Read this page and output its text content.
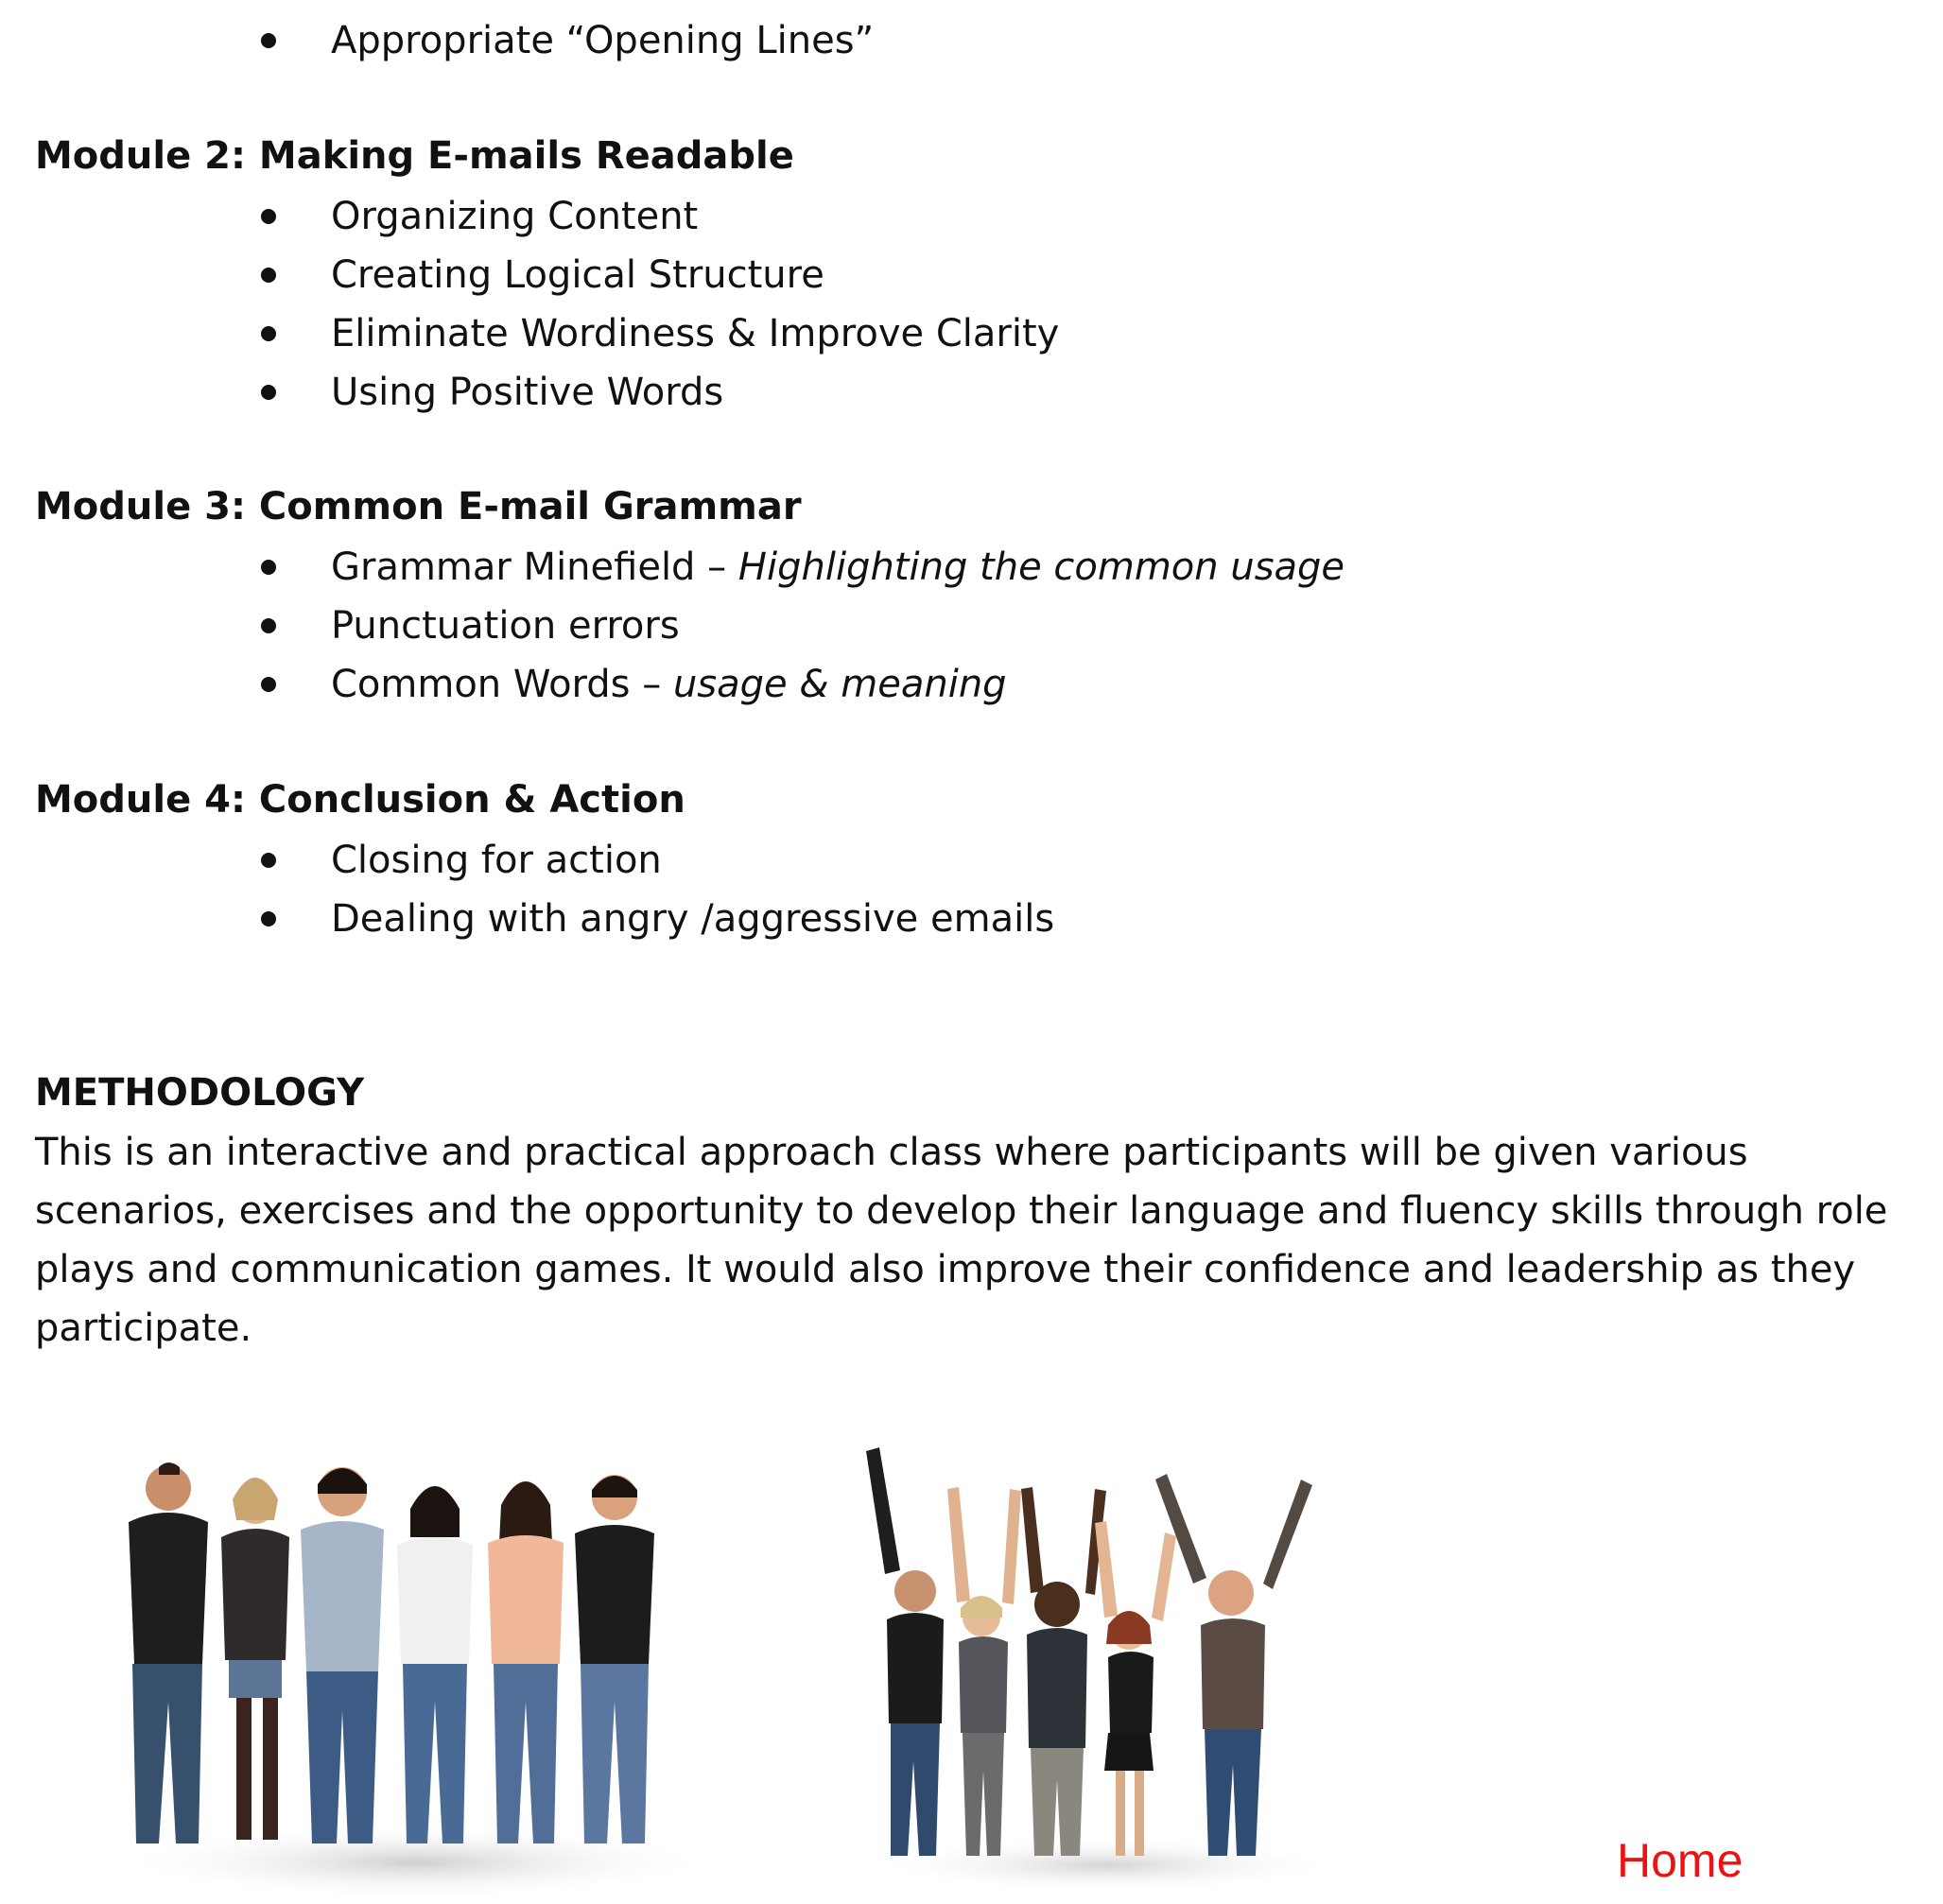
Appropriate “Opening Lines”
Module 2: Making E-mails Readable
Organizing Content
Creating Logical Structure
Eliminate Wordiness & Improve Clarity
Using Positive Words
Module 3: Common E-mail Grammar
Grammar Minefield – Highlighting the common usage
Punctuation errors
Common Words – usage & meaning
Module 4: Conclusion & Action
Closing for action
Dealing with angry /aggressive emails
METHODOLOGY

This is an interactive and practical approach class where participants will be given various scenarios, exercises and the opportunity to develop their language and fluency skills through role plays and communication games. It would also improve their confidence and leadership as they participate.

Home
